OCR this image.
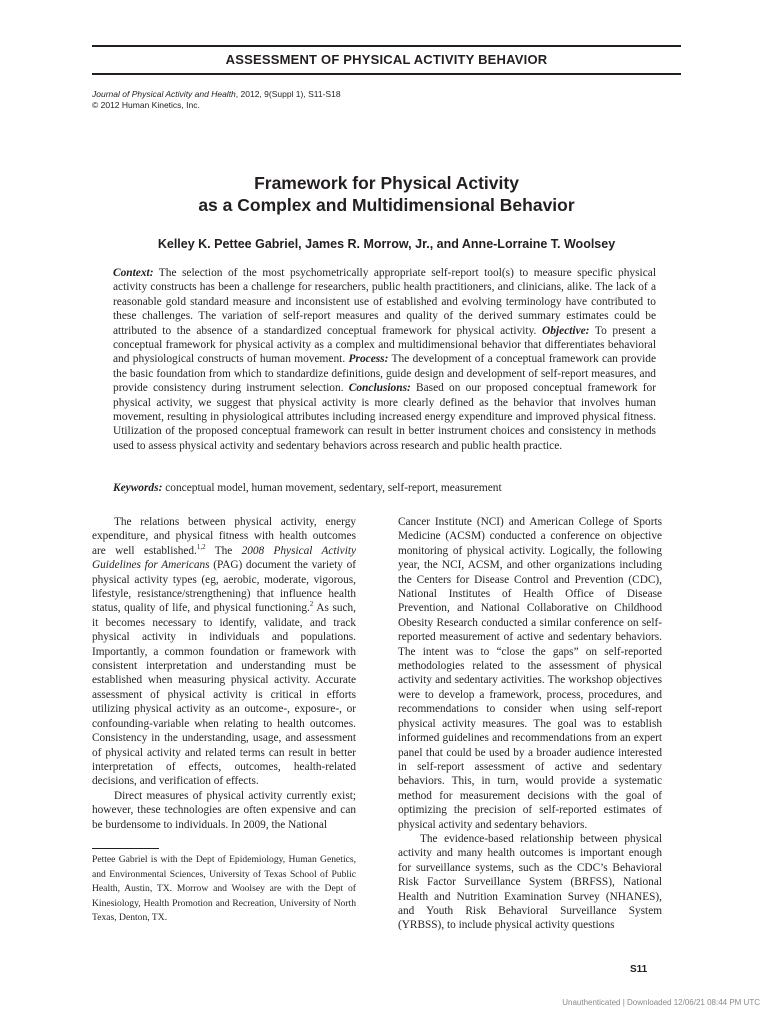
ASSESSMENT OF PHYSICAL ACTIVITY BEHAVIOR
Journal of Physical Activity and Health, 2012, 9(Suppl 1), S11-S18
© 2012 Human Kinetics, Inc.
Framework for Physical Activity
as a Complex and Multidimensional Behavior
Kelley K. Pettee Gabriel, James R. Morrow, Jr., and Anne-Lorraine T. Woolsey
Context: The selection of the most psychometrically appropriate self-report tool(s) to measure specific physical activity constructs has been a challenge for researchers, public health practitioners, and clinicians, alike. The lack of a reasonable gold standard measure and inconsistent use of established and evolving terminology have contributed to these challenges. The variation of self-report measures and quality of the derived summary estimates could be attributed to the absence of a standardized conceptual framework for physical activity. Objective: To present a conceptual framework for physical activity as a complex and multidimensional behavior that differentiates behavioral and physiological constructs of human movement. Process: The development of a conceptual framework can provide the basic foundation from which to standardize definitions, guide design and development of self-report measures, and provide consistency during instrument selection. Conclusions: Based on our proposed conceptual framework for physical activity, we suggest that physical activity is more clearly defined as the behavior that involves human movement, resulting in physiological attributes including increased energy expenditure and improved physical fitness. Utilization of the proposed conceptual framework can result in better instrument choices and consistency in methods used to assess physical activity and sedentary behaviors across research and public health practice.
Keywords: conceptual model, human movement, sedentary, self-report, measurement

The relations between physical activity, energy expenditure, and physical fitness with health outcomes are well established.$^{1,2}$ The 2008 Physical Activity Guidelines for Americans (PAG) document the variety of physical activity types (eg, aerobic, moderate, vigorous, lifestyle, resistance/strengthening) that influence health status, quality of life, and physical functioning.$^2$ As such, it becomes necessary to identify, validate, and track physical activity in individuals and populations. Importantly, a common foundation or framework with consistent interpretation and understanding must be established when measuring physical activity. Accurate assessment of physical activity is critical in efforts utilizing physical activity as an outcome-, exposure-, or confounding-variable when relating to health outcomes. Consistency in the understanding, usage, and assessment of physical activity and related terms can result in better interpretation of effects, outcomes, health-related decisions, and verification of effects.

Direct measures of physical activity currently exist; however, these technologies are often expensive and can be burdensome to individuals. In 2009, the National

Cancer Institute (NCI) and American College of Sports Medicine (ACSM) conducted a conference on objective monitoring of physical activity. Logically, the following year, the NCI, ACSM, and other organizations including the Centers for Disease Control and Prevention (CDC), National Institutes of Health Office of Disease Prevention, and National Collaborative on Childhood Obesity Research conducted a similar conference on self-reported measurement of active and sedentary behaviors. The intent was to “close the gaps” on self-reported methodologies related to the assessment of physical activity and sedentary activities. The workshop objectives were to develop a framework, process, procedures, and recommendations to consider when using self-report physical activity measures. The goal was to establish informed guidelines and recommendations from an expert panel that could be used by a broader audience interested in self-report assessment of active and sedentary behaviors. This, in turn, would provide a systematic method for measurement decisions with the goal of optimizing the precision of self-reported estimates of physical activity and sedentary behaviors.

The evidence-based relationship between physical activity and many health outcomes is important enough for surveillance systems, such as the CDC’s Behavioral Risk Factor Surveillance System (BRFSS), National Health and Nutrition Examination Survey (NHANES), and Youth Risk Behavioral Surveillance System (YRBSS), to include physical activity questions

Pettee Gabriel is with the Dept of Epidemiology, Human Genetics, and Environmental Sciences, University of Texas School of Public Health, Austin, TX. Morrow and Woolsey are with the Dept of Kinesiology, Health Promotion and Recreation, University of North Texas, Denton, TX.
S11
Unauthenticated | Downloaded 12/06/21 08:44 PM UTC
